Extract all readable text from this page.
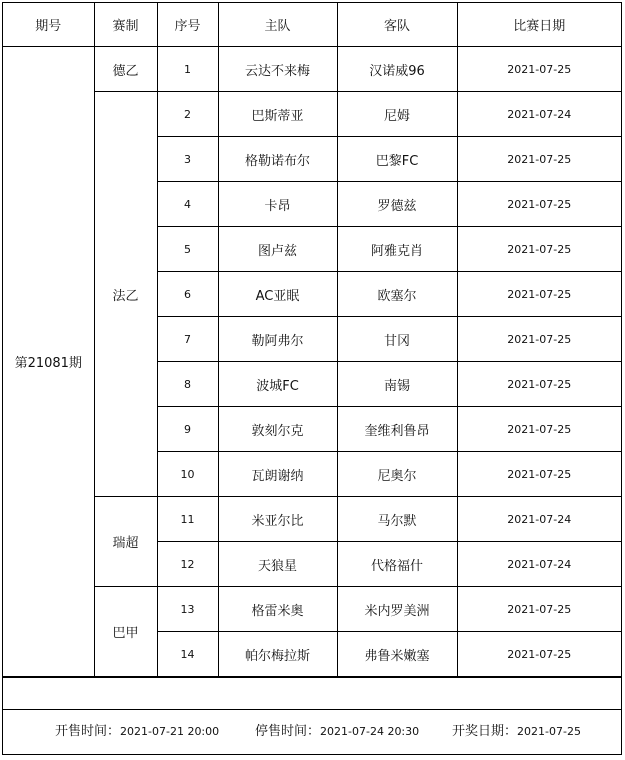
期号	赛制	序号	主队	客队	比赛日期
第21081期	德乙	1	云达不来梅	汉诺威96	2021-07-25
	法乙	2	巴斯蒂亚	尼姆	2021-07-24
		3	格勒诺布尔	巴黎FC	2021-07-25
		4	卡昂	罗德兹	2021-07-25
		5	图卢兹	阿雅克肖	2021-07-25
		6	AC亚眠	欧塞尔	2021-07-25
		7	勒阿弗尔	甘冈	2021-07-25
		8	波城FC	南锡	2021-07-25
		9	敦刻尔克	奎维利鲁昂	2021-07-25
		10	瓦朗谢纳	尼奥尔	2021-07-25
	瑞超	11	米亚尔比	马尔默	2021-07-24
		12	天狼星	代格福什	2021-07-24
	巴甲	13	格雷米奥	米内罗美洲	2021-07-25
		14	帕尔梅拉斯	弗鲁米嫩塞	2021-07-25
开售时间：2021-07-21 20:00	停售时间：2021-07-24 20:30	开奖日期：2021-07-25
